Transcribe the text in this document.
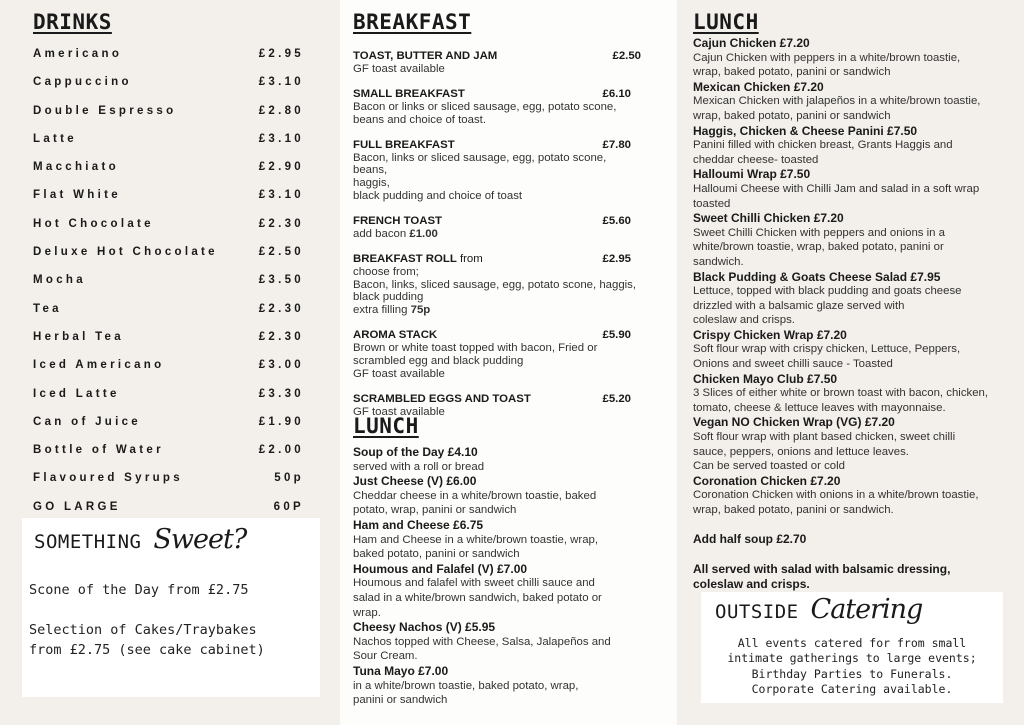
DRINKS
Americano	£2.95
Cappuccino	£3.10
Double Espresso	£2.80
Latte	£3.10
Macchiato	£2.90
Flat White	£3.10
Hot Chocolate	£2.30
Deluxe Hot Chocolate	£2.50
Mocha	£3.50
Tea	£2.30
Herbal Tea	£2.30
Iced Americano	£3.00
Iced Latte	£3.30
Can of Juice	£1.90
Bottle of Water	£2.00
Flavoured Syrups	50p
GO LARGE	60P
SOMETHING Sweet?
Scone of the Day from £2.75
Selection of Cakes/Traybakes
from £2.75 (see cake cabinet)
BREAKFAST
TOAST, BUTTER AND JAM	£2.50
GF toast available
SMALL BREAKFAST	£6.10
Bacon or links or sliced sausage, egg, potato scone,
beans and choice of toast.
FULL BREAKFAST	£7.80
Bacon, links or sliced sausage, egg, potato scone, beans,
haggis,
black pudding and choice of toast
FRENCH TOAST	£5.60
add bacon £1.00
BREAKFAST ROLL from	£2.95
choose from;
Bacon, links, sliced sausage, egg, potato scone, haggis,
black pudding
extra filling 75p
AROMA STACK	£5.90
Brown or white toast topped with bacon, Fried or
scrambled egg and black pudding
GF toast available
SCRAMBLED EGGS AND TOAST	£5.20
GF toast available
LUNCH
Soup of the Day £4.10
served with a roll or bread
Just Cheese (V) £6.00
Cheddar cheese in a white/brown toastie, baked
potato, wrap, panini or sandwich
Ham and Cheese £6.75
Ham and Cheese in a white/brown toastie, wrap,
baked potato, panini or sandwich
Houmous and Falafel (V) £7.00
Houmous and falafel with sweet chilli sauce and
salad in a white/brown sandwich, baked potato or
wrap.
Cheesy Nachos (V) £5.95
Nachos topped with Cheese, Salsa, Jalapeños and
Sour Cream.
Tuna Mayo £7.00
in a white/brown toastie, baked potato, wrap,
panini or sandwich
LUNCH
Cajun Chicken £7.20
Cajun Chicken with peppers in a white/brown toastie,
wrap, baked potato, panini or sandwich
Mexican Chicken £7.20
Mexican Chicken with jalapeños in a white/brown toastie,
wrap, baked potato, panini or sandwich
Haggis, Chicken & Cheese Panini £7.50
Panini filled with chicken breast, Grants Haggis and
cheddar cheese- toasted
Halloumi Wrap £7.50
Halloumi Cheese with Chilli Jam and salad in a soft wrap
toasted
Sweet Chilli Chicken £7.20
Sweet Chilli Chicken with peppers and onions in a
white/brown toastie, wrap, baked potato, panini or
sandwich.
Black Pudding & Goats Cheese Salad £7.95
Lettuce, topped with black pudding and goats cheese
drizzled with a balsamic glaze served with
coleslaw and crisps.
Crispy Chicken Wrap £7.20
Soft flour wrap with crispy chicken, Lettuce, Peppers,
Onions and sweet chilli sauce - Toasted
Chicken Mayo Club £7.50
3 Slices of either white or brown toast with bacon, chicken,
tomato, cheese & lettuce leaves with mayonnaise.
Vegan NO Chicken Wrap (VG) £7.20
Soft flour wrap with plant based chicken, sweet chilli
sauce, peppers, onions and lettuce leaves.
Can be served toasted or cold
Coronation Chicken £7.20
Coronation Chicken with onions in a white/brown toastie,
wrap, baked potato, panini or sandwich.
Add half soup £2.70
All served with salad with balsamic dressing,
coleslaw and crisps.
OUTSIDE Catering
All events catered for from small
intimate gatherings to large events;
Birthday Parties to Funerals.
Corporate Catering available.
